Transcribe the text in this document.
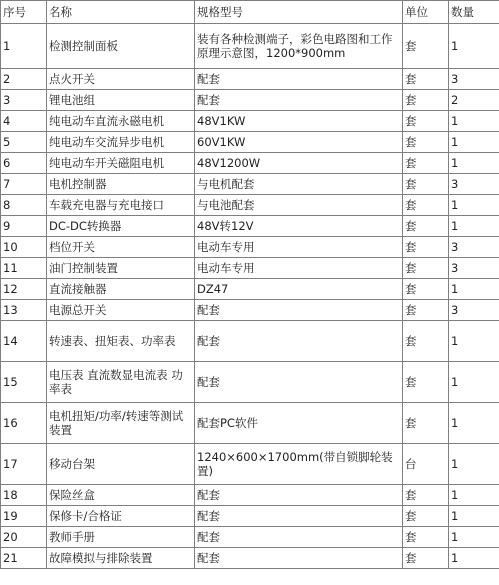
序号	名称	规格型号	单位	数量
1	检测控制面板	装有各种检测端子，彩色电路图和工作原理示意图，1200*900mm	套	1
2	点火开关	配套	套	3
3	锂电池组	配套	套	2
4	纯电动车直流永磁电机	48V1KW	套	1
5	纯电动车交流异步电机	60V1KW	套	1
6	纯电动车开关磁阻电机	48V1200W	套	1
7	电机控制器	与电机配套	套	3
8	车载充电器与充电接口	与电池配套	套	1
9	DC-DC转换器	48V转12V	套	1
10	档位开关	电动车专用	套	3
11	油门控制装置	电动车专用	套	3
12	直流接触器	DZ47	套	1
13	电源总开关	配套	套	3
14	转速表、扭矩表、功率表	配套	套	1
15	电压表 直流数显电流表 功率表	配套	套	1
16	电机扭矩/功率/转速等测试装置	配套PC软件	套	1
17	移动台架	1240×600×1700mm(带自锁脚轮装置)	台	1
18	保险丝盒	配套	套	1
19	保修卡/合格证	配套	套	1
20	教师手册	配套	套	1
21	故障模拟与排除装置	配套	套	1
